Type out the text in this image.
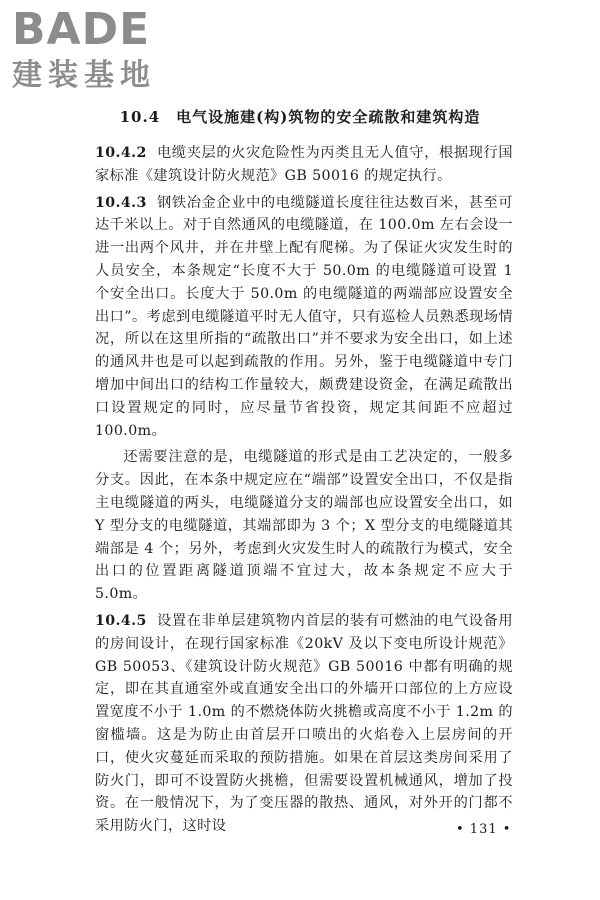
BADE
建装基地
10.4　电气设施建(构)筑物的安全疏散和建筑构造

10.4.2 电缆夹层的火灾危险性为丙类且无人值守，根据现行国家标准《建筑设计防火规范》GB 50016 的规定执行。

10.4.3 钢铁冶金企业中的电缆隧道长度往往达数百米，甚至可达千米以上。对于自然通风的电缆隧道，在 100.0m 左右会设一进一出两个风井，并在井壁上配有爬梯。为了保证火灾发生时的人员安全，本条规定“长度不大于 50.0m 的电缆隧道可设置 1 个安全出口。长度大于 50.0m 的电缆隧道的两端部应设置安全出口”。考虑到电缆隧道平时无人值守，只有巡检人员熟悉现场情况，所以在这里所指的“疏散出口”并不要求为安全出口，如上述的通风井也是可以起到疏散的作用。另外，鉴于电缆隧道中专门增加中间出口的结构工作量较大，颇费建设资金，在满足疏散出口设置规定的同时，应尽量节省投资，规定其间距不应超过 100.0m。

还需要注意的是，电缆隧道的形式是由工艺决定的，一般多分支。因此，在本条中规定应在“端部”设置安全出口，不仅是指主电缆隧道的两头，电缆隧道分支的端部也应设置安全出口，如 Y 型分支的电缆隧道，其端部即为 3 个；X 型分支的电缆隧道其端部是 4 个；另外，考虑到火灾发生时人的疏散行为模式，安全出口的位置距离隧道顶端不宜过大，故本条规定不应大于 5.0m。

10.4.5 设置在非单层建筑物内首层的装有可燃油的电气设备用的房间设计，在现行国家标准《20kV 及以下变电所设计规范》GB 50053、《建筑设计防火规范》GB 50016 中都有明确的规定，即在其直通室外或直通安全出口的外墙开口部位的上方应设置宽度不小于 1.0m 的不燃烧体防火挑檐或高度不小于 1.2m 的窗槛墙。这是为防止由首层开口喷出的火焰卷入上层房间的开口，使火灾蔓延而采取的预防措施。如果在首层这类房间采用了防火门，即可不设置防火挑檐，但需要设置机械通风，增加了投资。在一般情况下，为了变压器的散热、通风，对外开的门都不采用防火门，这时设	• 131 •
